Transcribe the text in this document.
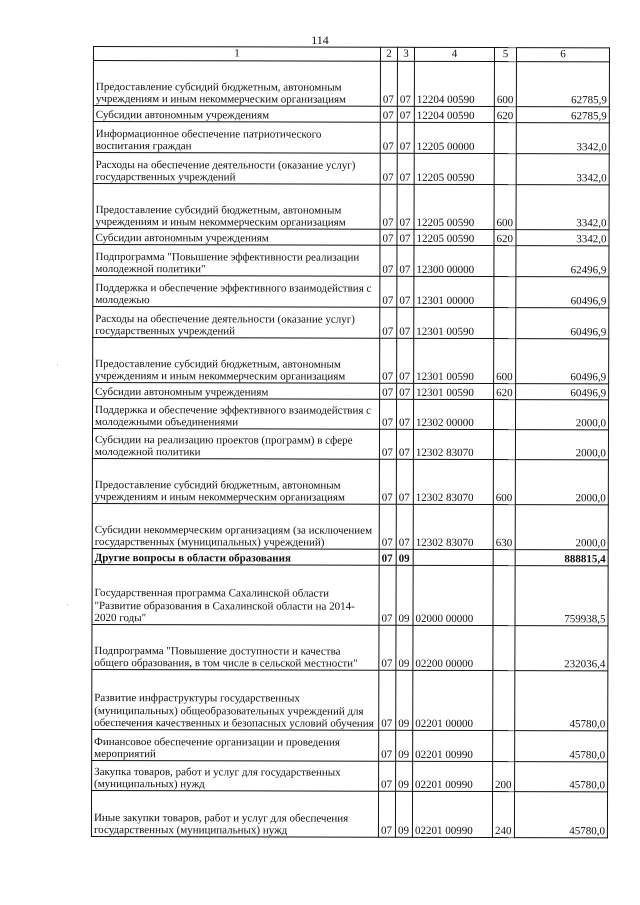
114
1	2	3	4	5	6
Предоставление субсидий бюджетным, автономным учреждениям и иным некоммерческим организациям	07	07	12204 00590	600	62785,9
Субсидии автономным учреждениям	07	07	12204 00590	620	62785,9
Информационное обеспечение патриотического воспитания граждан	07	07	12205 00000		3342,0
Расходы на обеспечение деятельности (оказание услуг) государственных учреждений	07	07	12205 00590		3342,0
Предоставление субсидий бюджетным, автономным учреждениям и иным некоммерческим организациям	07	07	12205 00590	600	3342,0
Субсидии автономным учреждениям	07	07	12205 00590	620	3342,0
Подпрограмма "Повышение эффективности реализации молодежной политики"	07	07	12300 00000		62496,9
Поддержка и обеспечение эффективного взаимодействия с молодежью	07	07	12301 00000		60496,9
Расходы на обеспечение деятельности (оказание услуг) государственных учреждений	07	07	12301 00590		60496,9
Предоставление субсидий бюджетным, автономным учреждениям и иным некоммерческим организациям	07	07	12301 00590	600	60496,9
Субсидии автономным учреждениям	07	07	12301 00590	620	60496,9
Поддержка и обеспечение эффективного взаимодействия с молодежными объединениями	07	07	12302 00000		2000,0
Субсидии на реализацию проектов (программ) в сфере молодежной политики	07	07	12302 83070		2000,0
Предоставление субсидий бюджетным, автономным учреждениям и иным некоммерческим организациям	07	07	12302 83070	600	2000,0
Субсидии некоммерческим организациям (за исключением государственных (муниципальных) учреждений)	07	07	12302 83070	630	2000,0
Другие вопросы в области образования	07	09			888815,4
Государственная программа Сахалинской области "Развитие образования в Сахалинской области на 2014-2020 годы"	07	09	02000 00000		759938,5
Подпрограмма "Повышение доступности и качества общего образования, в том числе в сельской местности"	07	09	02200 00000		232036,4
Развитие инфраструктуры государственных (муниципальных) общеобразовательных учреждений для обеспечения качественных и безопасных условий обучения	07	09	02201 00000		45780,0
Финансовое обеспечение организации и проведения мероприятий	07	09	02201 00990		45780,0
Закупка товаров, работ и услуг для государственных (муниципальных) нужд	07	09	02201 00990	200	45780,0
Иные закупки товаров, работ и услуг для обеспечения государственных (муниципальных) нужд	07	09	02201 00990	240	45780,0
·
·
